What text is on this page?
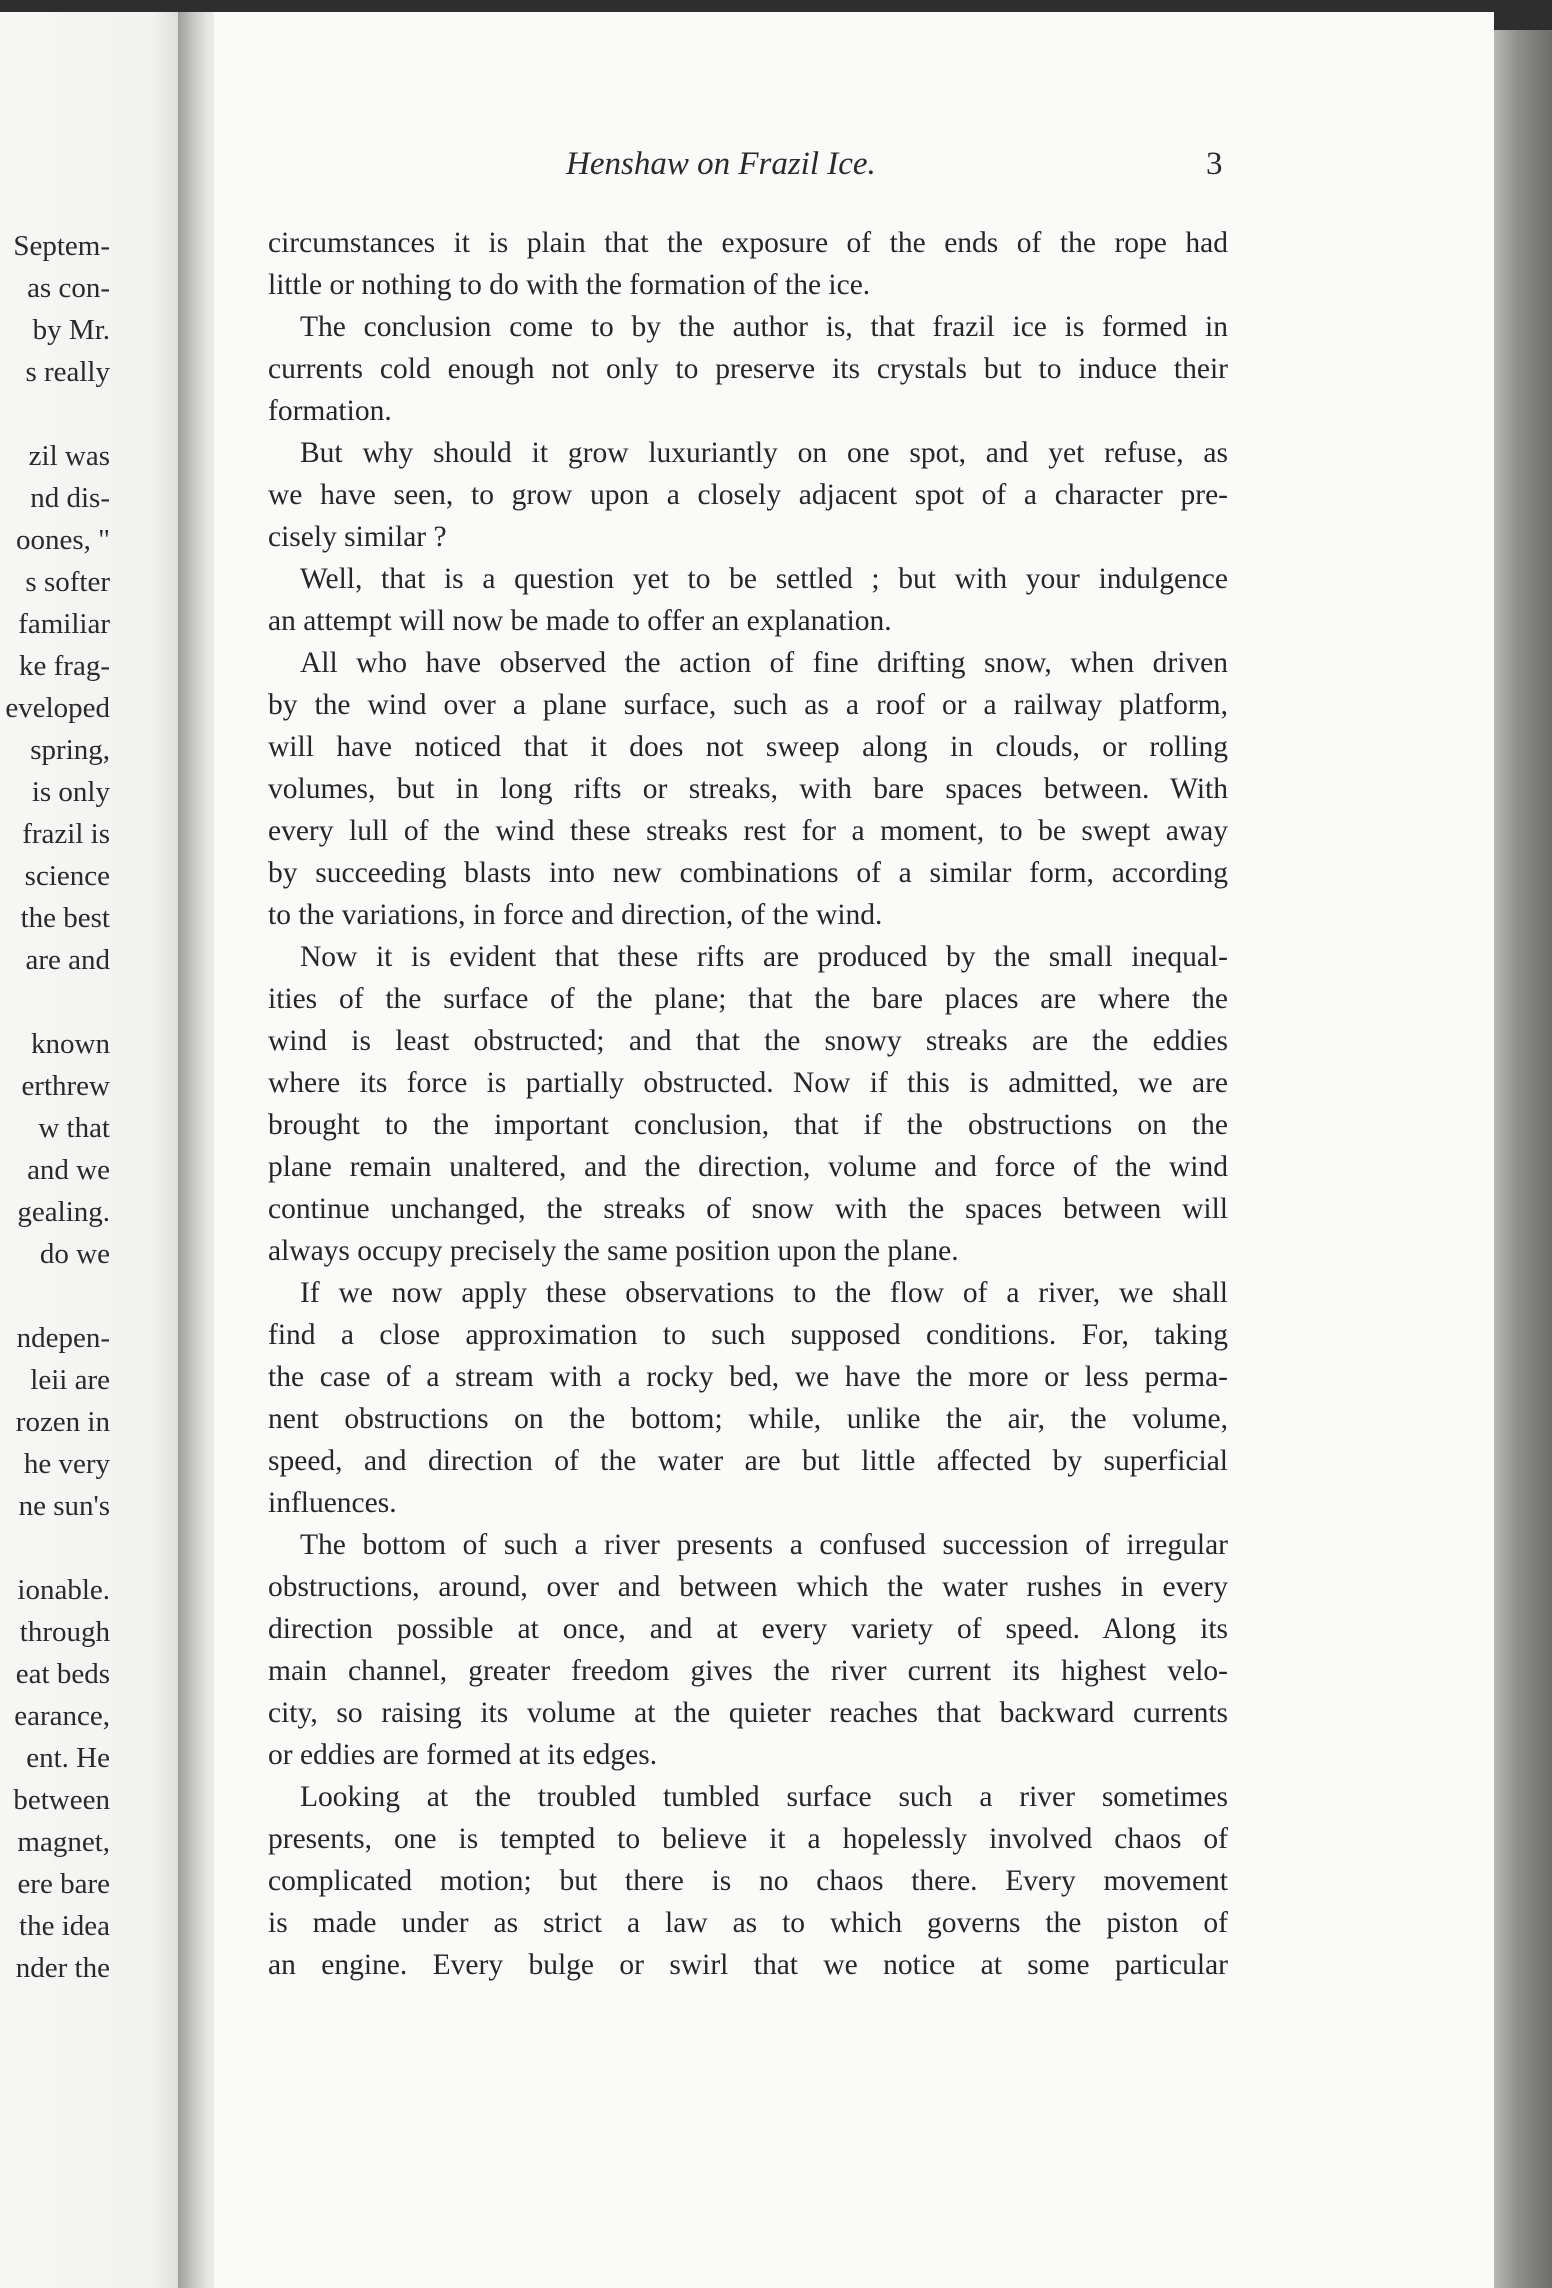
Septem-
as con-
by Mr.
s really
zil was
nd dis-
oones, "
s softer
familiar
ke frag-
eveloped
spring,
is only
frazil is
science
the best
are and
known
erthrew
w that
and we
gealing.
do we
ndepen-
leii are
rozen in
he very
ne sun's
ionable.
through
eat beds
earance,
ent. He
between
magnet,
ere bare
the idea
nder the
Henshaw on Frazil Ice.	3
circumstances it is plain that the exposure of the ends of the rope had
little or nothing to do with the formation of the ice.
The conclusion come to by the author is, that frazil ice is formed in
currents cold enough not only to preserve its crystals but to induce their
formation.
But why should it grow luxuriantly on one spot, and yet refuse, as
we have seen, to grow upon a closely adjacent spot of a character pre-
cisely similar ?
Well, that is a question yet to be settled ; but with your indulgence
an attempt will now be made to offer an explanation.
All who have observed the action of fine drifting snow, when driven
by the wind over a plane surface, such as a roof or a railway platform,
will have noticed that it does not sweep along in clouds, or rolling
volumes, but in long rifts or streaks, with bare spaces between. With
every lull of the wind these streaks rest for a moment, to be swept away
by succeeding blasts into new combinations of a similar form, according
to the variations, in force and direction, of the wind.
Now it is evident that these rifts are produced by the small inequal-
ities of the surface of the plane; that the bare places are where the
wind is least obstructed; and that the snowy streaks are the eddies
where its force is partially obstructed. Now if this is admitted, we are
brought to the important conclusion, that if the obstructions on the
plane remain unaltered, and the direction, volume and force of the wind
continue unchanged, the streaks of snow with the spaces between will
always occupy precisely the same position upon the plane.
If we now apply these observations to the flow of a river, we shall
find a close approximation to such supposed conditions. For, taking
the case of a stream with a rocky bed, we have the more or less perma-
nent obstructions on the bottom; while, unlike the air, the volume,
speed, and direction of the water are but little affected by superficial
influences.
The bottom of such a river presents a confused succession of irregular
obstructions, around, over and between which the water rushes in every
direction possible at once, and at every variety of speed. Along its
main channel, greater freedom gives the river current its highest velo-
city, so raising its volume at the quieter reaches that backward currents
or eddies are formed at its edges.
Looking at the troubled tumbled surface such a river sometimes
presents, one is tempted to believe it a hopelessly involved chaos of
complicated motion; but there is no chaos there. Every movement
is made under as strict a law as to which governs the piston of
an engine. Every bulge or swirl that we notice at some particular
